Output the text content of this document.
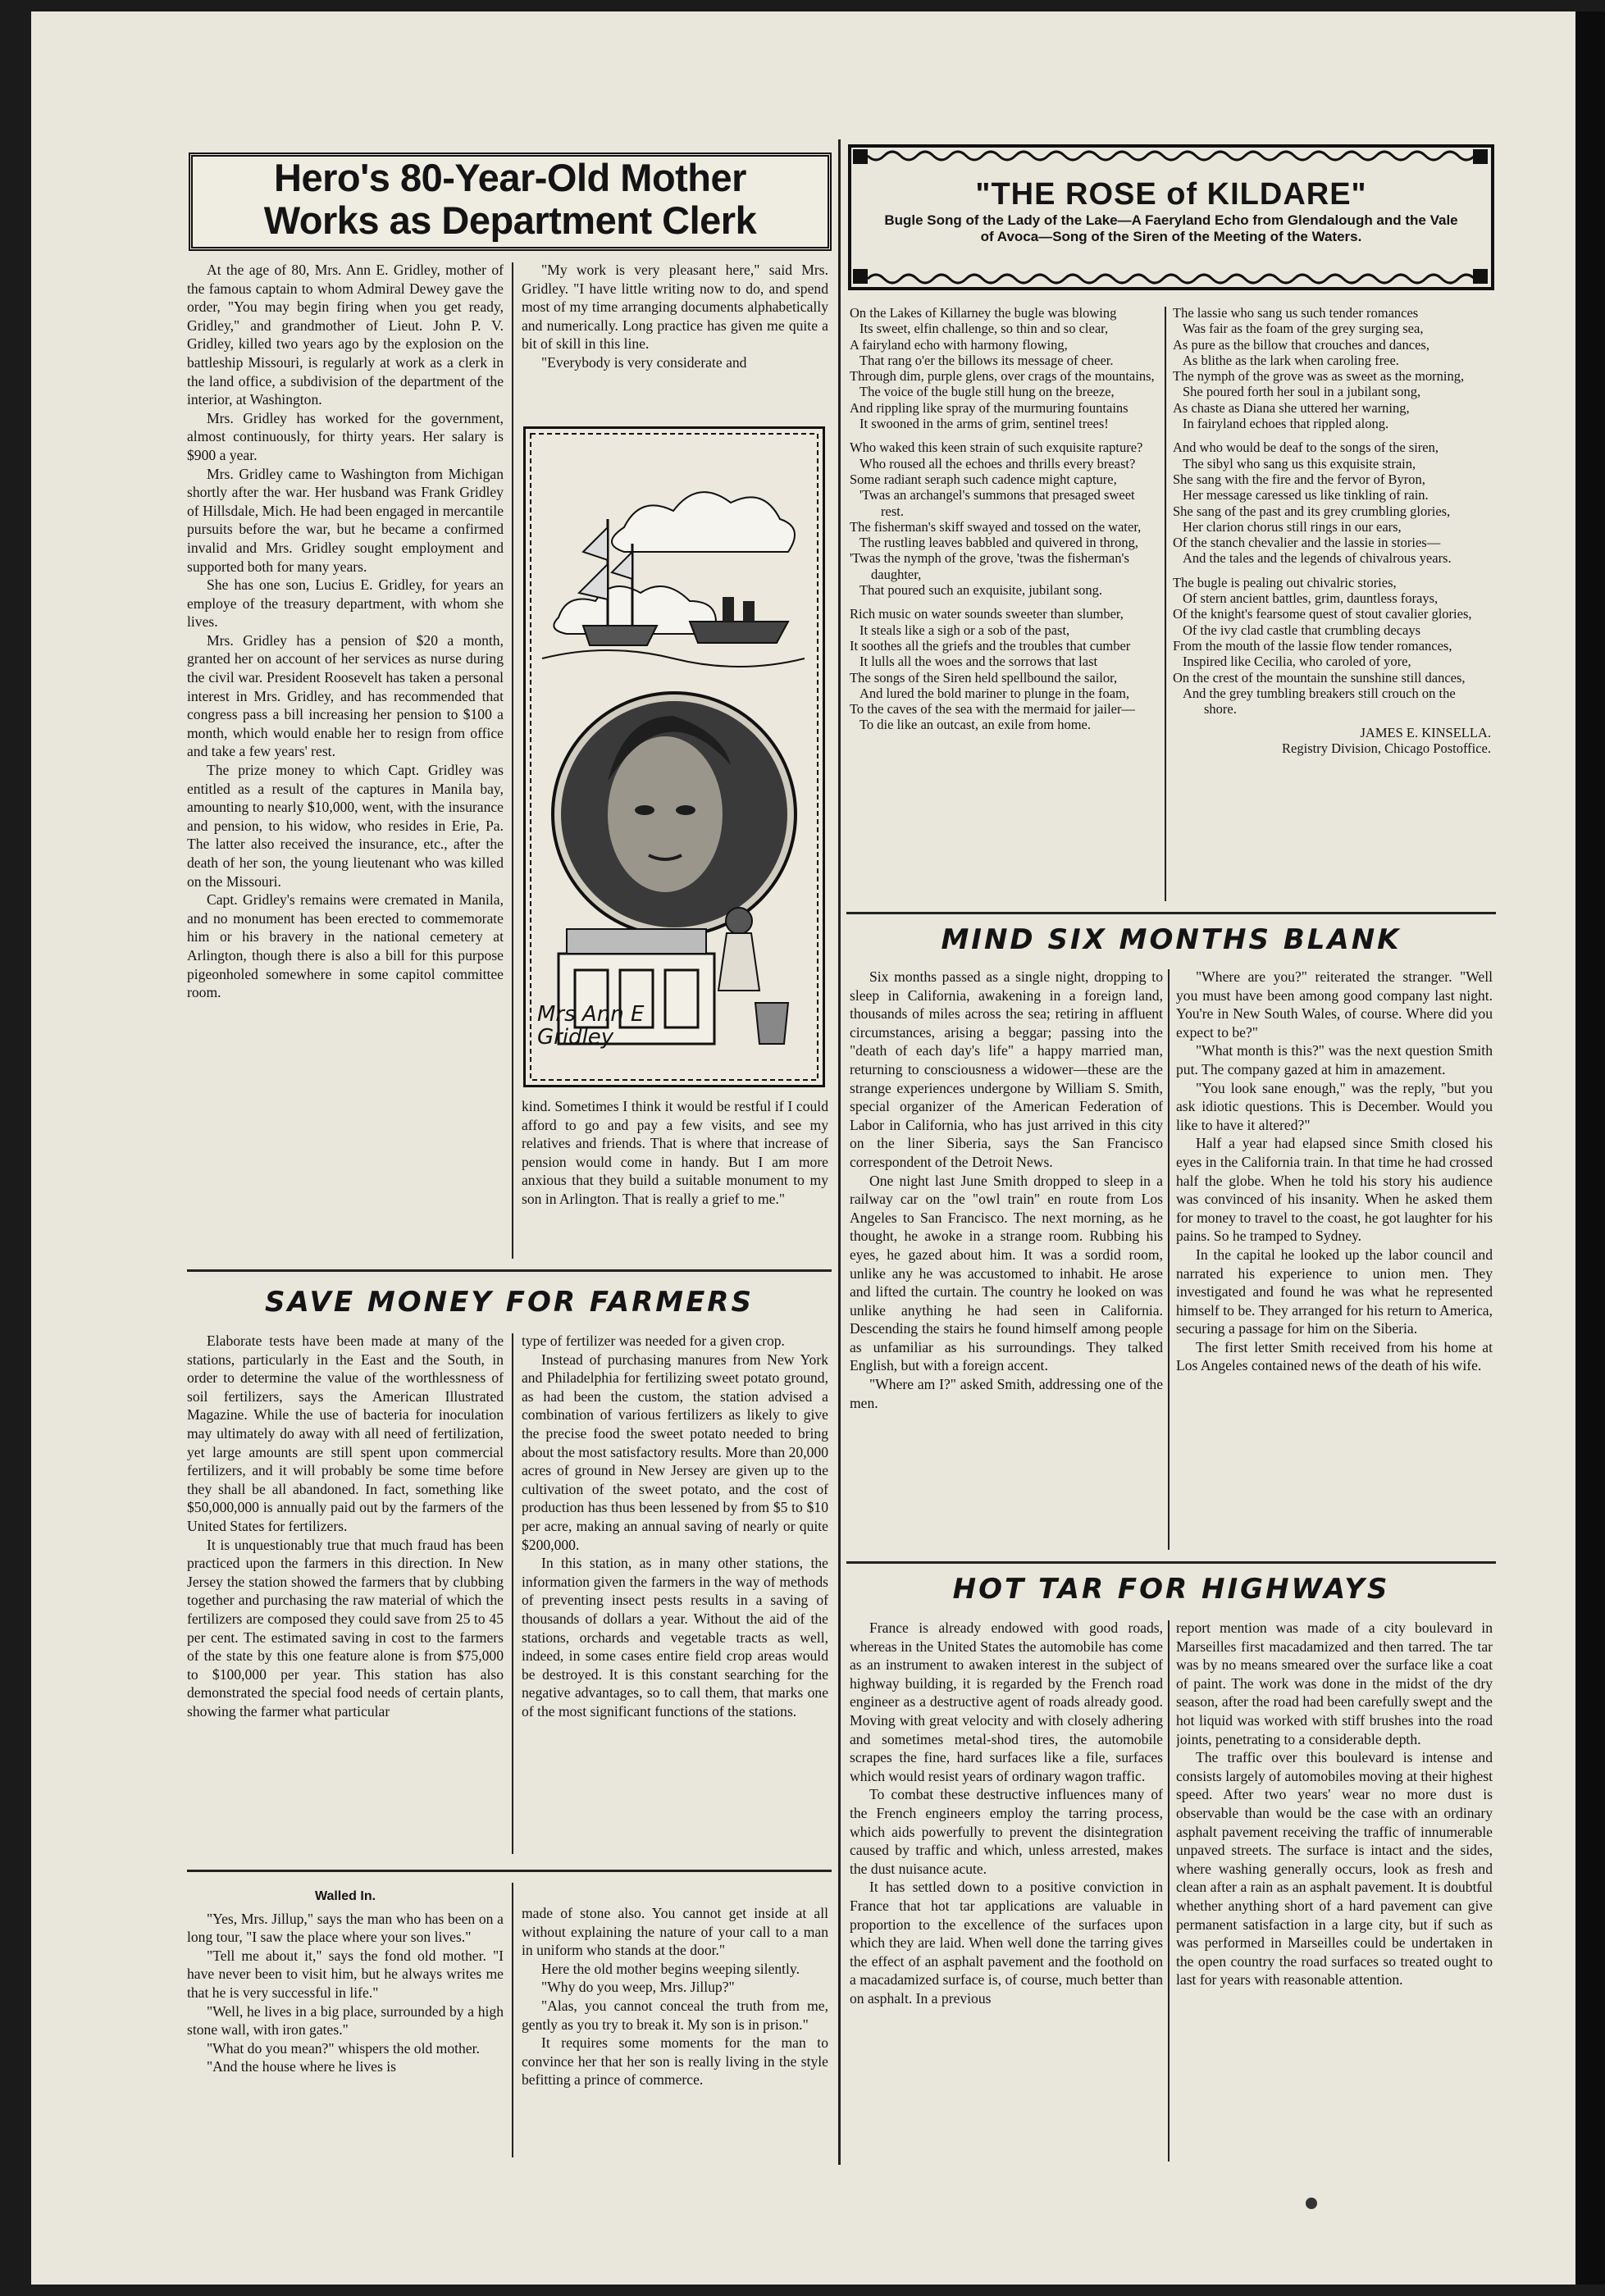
Hero's 80-Year-Old Mother

Works as Department Clerk

At the age of 80, Mrs. Ann E. Gridley, mother of the famous captain to whom Admiral Dewey gave the order, "You may begin firing when you get ready, Gridley," and grandmother of Lieut. John P. V. Gridley, killed two years ago by the explosion on the battleship Missouri, is regularly at work as a clerk in the land office, a subdivision of the department of the interior, at Washington.

Mrs. Gridley has worked for the government, almost continuously, for thirty years. Her salary is $900 a year.

Mrs. Gridley came to Washington from Michigan shortly after the war. Her husband was Frank Gridley of Hillsdale, Mich. He had been engaged in mercantile pursuits before the war, but he became a confirmed invalid and Mrs. Gridley sought employment and supported both for many years.

She has one son, Lucius E. Gridley, for years an employe of the treasury department, with whom she lives.

Mrs. Gridley has a pension of $20 a month, granted her on account of her services as nurse during the civil war. President Roosevelt has taken a personal interest in Mrs. Gridley, and has recommended that congress pass a bill increasing her pension to $100 a month, which would enable her to resign from office and take a few years' rest.

The prize money to which Capt. Gridley was entitled as a result of the captures in Manila bay, amounting to nearly $10,000, went, with the insurance and pension, to his widow, who resides in Erie, Pa. The latter also received the insurance, etc., after the death of her son, the young lieutenant who was killed on the Missouri.

Capt. Gridley's remains were cremated in Manila, and no monument has been erected to commemorate him or his bravery in the national cemetery at Arlington, though there is also a bill for this purpose pigeonholed somewhere in some capitol committee room.

"My work is very pleasant here," said Mrs. Gridley. "I have little writing now to do, and spend most of my time arranging documents alphabetically and numerically. Long practice has given me quite a bit of skill in this line.

"Everybody is very considerate and

Mrs Ann E Gridley

kind. Sometimes I think it would be restful if I could afford to go and pay a few visits, and see my relatives and friends. That is where that increase of pension would come in handy. But I am more anxious that they build a suitable monument to my son in Arlington. That is really a grief to me."

SAVE MONEY FOR FARMERS

Elaborate tests have been made at many of the stations, particularly in the East and the South, in order to determine the value of the worthlessness of soil fertilizers, says the American Illustrated Magazine. While the use of bacteria for inoculation may ultimately do away with all need of fertilization, yet large amounts are still spent upon commercial fertilizers, and it will probably be some time before they shall be all abandoned. In fact, something like $50,000,000 is annually paid out by the farmers of the United States for fertilizers.

It is unquestionably true that much fraud has been practiced upon the farmers in this direction. In New Jersey the station showed the farmers that by clubbing together and purchasing the raw material of which the fertilizers are composed they could save from 25 to 45 per cent. The estimated saving in cost to the farmers of the state by this one feature alone is from $75,000 to $100,000 per year. This station has also demonstrated the special food needs of certain plants, showing the farmer what particular

type of fertilizer was needed for a given crop.

Instead of purchasing manures from New York and Philadelphia for fertilizing sweet potato ground, as had been the custom, the station advised a combination of various fertilizers as likely to give the precise food the sweet potato needed to bring about the most satisfactory results. More than 20,000 acres of ground in New Jersey are given up to the cultivation of the sweet potato, and the cost of production has thus been lessened by from $5 to $10 per acre, making an annual saving of nearly or quite $200,000.

In this station, as in many other stations, the information given the farmers in the way of methods of preventing insect pests results in a saving of thousands of dollars a year. Without the aid of the stations, orchards and vegetable tracts as well, indeed, in some cases entire field crop areas would be destroyed. It is this constant searching for the negative advantages, so to call them, that marks one of the most significant functions of the stations.

Walled In.

"Yes, Mrs. Jillup," says the man who has been on a long tour, "I saw the place where your son lives."

"Tell me about it," says the fond old mother. "I have never been to visit him, but he always writes me that he is very successful in life."

"Well, he lives in a big place, surrounded by a high stone wall, with iron gates."

"What do you mean?" whispers the old mother.

"And the house where he lives is

made of stone also. You cannot get inside at all without explaining the nature of your call to a man in uniform who stands at the door."

Here the old mother begins weeping silently.

"Why do you weep, Mrs. Jillup?"

"Alas, you cannot conceal the truth from me, gently as you try to break it. My son is in prison."

It requires some moments for the man to convince her that her son is really living in the style befitting a prince of commerce.

"THE ROSE of KILDARE"

Bugle Song of the Lady of the Lake—A Faeryland Echo from Glendalough and the Vale of Avoca—Song of the Siren of the Meeting of the Waters.

On the Lakes of Killarney the bugle was blowing
Its sweet, elfin challenge, so thin and so clear,
A fairyland echo with harmony flowing,
That rang o'er the billows its message of cheer.
Through dim, purple glens, over crags of the mountains,
The voice of the bugle still hung on the breeze,
And rippling like spray of the murmuring fountains
It swooned in the arms of grim, sentinel trees!
Who waked this keen strain of such exquisite rapture?
Who roused all the echoes and thrills every breast?
Some radiant seraph such cadence might capture,
'Twas an archangel's summons that presaged sweet rest.
The fisherman's skiff swayed and tossed on the water,
The rustling leaves babbled and quivered in throng,
'Twas the nymph of the grove, 'twas the fisherman's daughter,
That poured such an exquisite, jubilant song.
Rich music on water sounds sweeter than slumber,
It steals like a sigh or a sob of the past,
It soothes all the griefs and the troubles that cumber
It lulls all the woes and the sorrows that last
The songs of the Siren held spellbound the sailor,
And lured the bold mariner to plunge in the foam,
To the caves of the sea with the mermaid for jailer—
To die like an outcast, an exile from home.
The lassie who sang us such tender romances
Was fair as the foam of the grey surging sea,
As pure as the billow that crouches and dances,
As blithe as the lark when caroling free.
The nymph of the grove was as sweet as the morning,
She poured forth her soul in a jubilant song,
As chaste as Diana she uttered her warning,
In fairyland echoes that rippled along.
And who would be deaf to the songs of the siren,
The sibyl who sang us this exquisite strain,
She sang with the fire and the fervor of Byron,
Her message caressed us like tinkling of rain.
She sang of the past and its grey crumbling glories,
Her clarion chorus still rings in our ears,
Of the stanch chevalier and the lassie in stories—
And the tales and the legends of chivalrous years.
The bugle is pealing out chivalric stories,
Of stern ancient battles, grim, dauntless forays,
Of the knight's fearsome quest of stout cavalier glories,
Of the ivy clad castle that crumbling decays
From the mouth of the lassie flow tender romances,
Inspired like Cecilia, who caroled of yore,
On the crest of the mountain the sunshine still dances,
And the grey tumbling breakers still crouch on the shore.
JAMES E. KINSELLA.
Registry Division, Chicago Postoffice.
MIND SIX MONTHS BLANK

Six months passed as a single night, dropping to sleep in California, awakening in a foreign land, thousands of miles across the sea; retiring in affluent circumstances, arising a beggar; passing into the "death of each day's life" a happy married man, returning to consciousness a widower—these are the strange experiences undergone by William S. Smith, special organizer of the American Federation of Labor in California, who has just arrived in this city on the liner Siberia, says the San Francisco correspondent of the Detroit News.

One night last June Smith dropped to sleep in a railway car on the "owl train" en route from Los Angeles to San Francisco. The next morning, as he thought, he awoke in a strange room. Rubbing his eyes, he gazed about him. It was a sordid room, unlike any he was accustomed to inhabit. He arose and lifted the curtain. The country he looked on was unlike anything he had seen in California. Descending the stairs he found himself among people as unfamiliar as his surroundings. They talked English, but with a foreign accent.

"Where am I?" asked Smith, addressing one of the men.

"Where are you?" reiterated the stranger. "Well you must have been among good company last night. You're in New South Wales, of course. Where did you expect to be?"

"What month is this?" was the next question Smith put. The company gazed at him in amazement.

"You look sane enough," was the reply, "but you ask idiotic questions. This is December. Would you like to have it altered?"

Half a year had elapsed since Smith closed his eyes in the California train. In that time he had crossed half the globe. When he told his story his audience was convinced of his insanity. When he asked them for money to travel to the coast, he got laughter for his pains. So he tramped to Sydney.

In the capital he looked up the labor council and narrated his experience to union men. They investigated and found he was what he represented himself to be. They arranged for his return to America, securing a passage for him on the Siberia.

The first letter Smith received from his home at Los Angeles contained news of the death of his wife.

HOT TAR FOR HIGHWAYS

France is already endowed with good roads, whereas in the United States the automobile has come as an instrument to awaken interest in the subject of highway building, it is regarded by the French road engineer as a destructive agent of roads already good. Moving with great velocity and with closely adhering and sometimes metal-shod tires, the automobile scrapes the fine, hard surfaces like a file, surfaces which would resist years of ordinary wagon traffic.

To combat these destructive influences many of the French engineers employ the tarring process, which aids powerfully to prevent the disintegration caused by traffic and which, unless arrested, makes the dust nuisance acute.

It has settled down to a positive conviction in France that hot tar applications are valuable in proportion to the excellence of the surfaces upon which they are laid. When well done the tarring gives the effect of an asphalt pavement and the foothold on a macadamized surface is, of course, much better than on asphalt. In a previous

report mention was made of a city boulevard in Marseilles first macadamized and then tarred. The tar was by no means smeared over the surface like a coat of paint. The work was done in the midst of the dry season, after the road had been carefully swept and the hot liquid was worked with stiff brushes into the road joints, penetrating to a considerable depth.

The traffic over this boulevard is intense and consists largely of automobiles moving at their highest speed. After two years' wear no more dust is observable than would be the case with an ordinary asphalt pavement receiving the traffic of innumerable unpaved streets. The surface is intact and the sides, where washing generally occurs, look as fresh and clean after a rain as an asphalt pavement. It is doubtful whether anything short of a hard pavement can give permanent satisfaction in a large city, but if such as was performed in Marseilles could be undertaken in the open country the road surfaces so treated ought to last for years with reasonable attention.
